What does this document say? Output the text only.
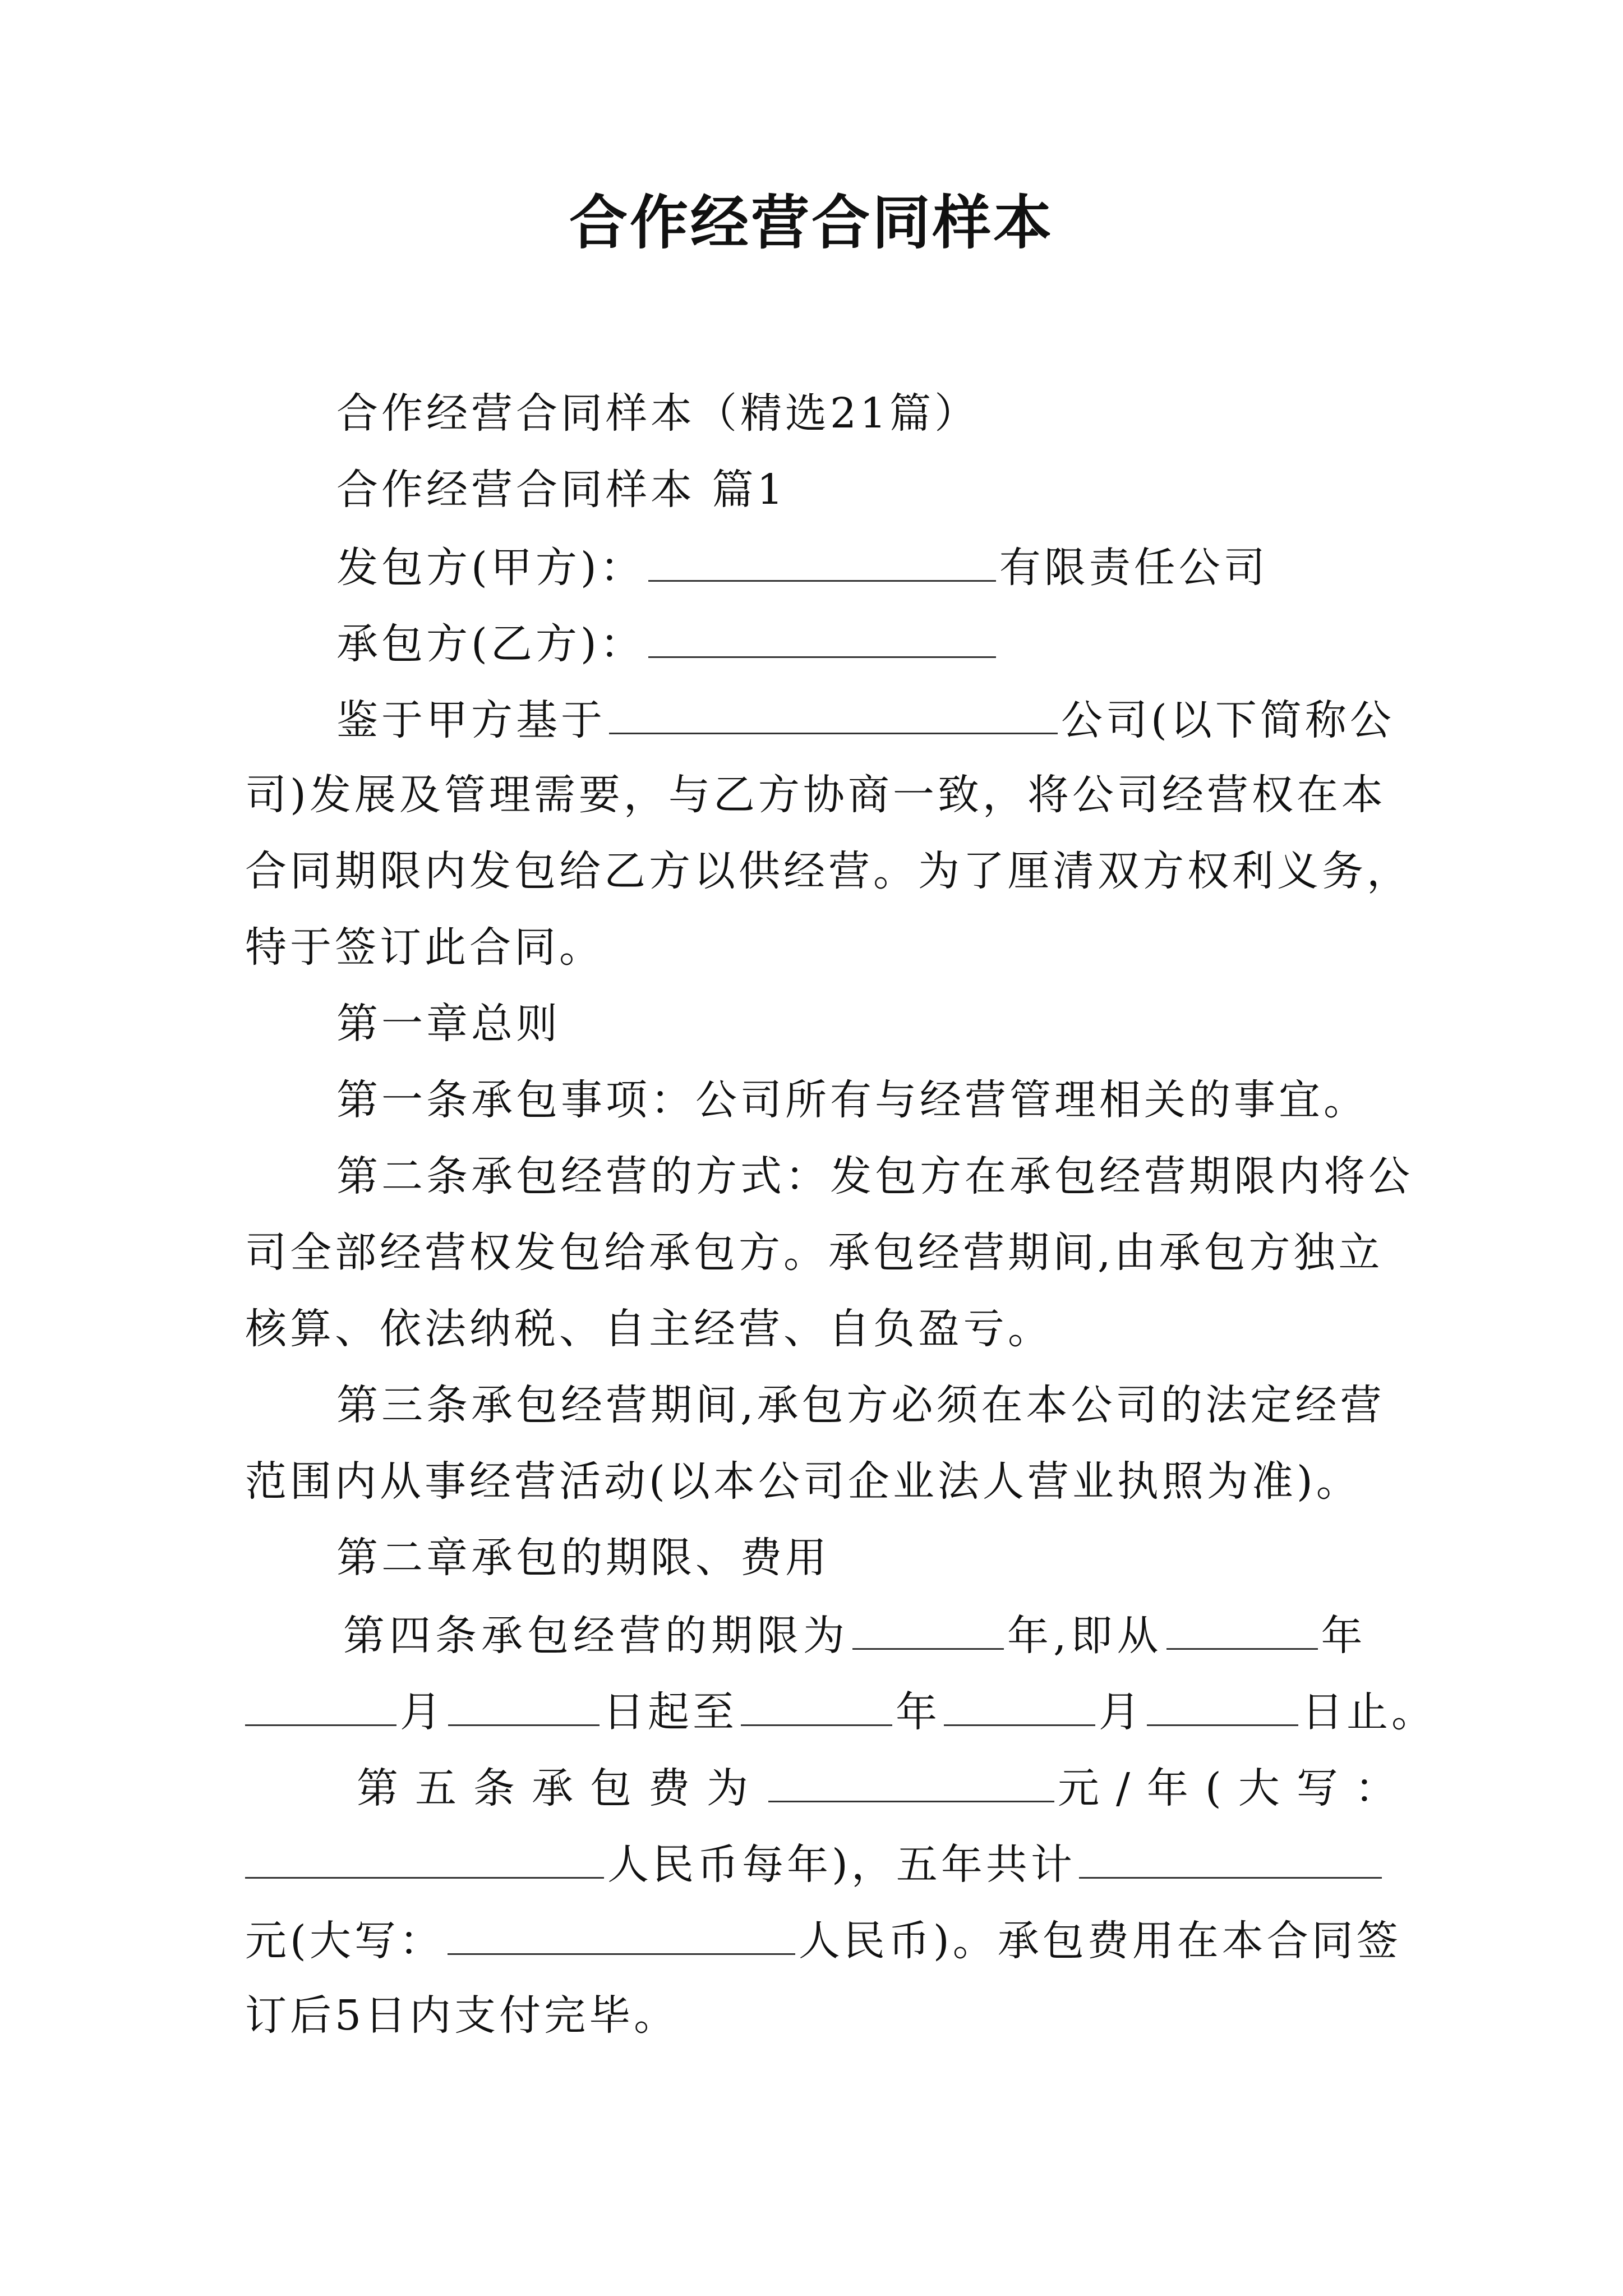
合作经营合同样本
合作经营合同样本（精选21篇）
合作经营合同样本 篇1
发包方(甲方)：	有限责任公司
承包方(乙方)：
鉴于甲方基于	公司(以下简称公
司)发展及管理需要，与乙方协商一致，将公司经营权在本
合同期限内发包给乙方以供经营。为了厘清双方权利义务，
特于签订此合同。
第一章总则
第一条承包事项：公司所有与经营管理相关的事宜。
第二条承包经营的方式：发包方在承包经营期限内将公
司全部经营权发包给承包方。承包经营期间,由承包方独立
核算、依法纳税、自主经营、自负盈亏。
第三条承包经营期间,承包方必须在本公司的法定经营
范围内从事经营活动(以本公司企业法人营业执照为准)。
第二章承包的期限、费用
第四条承包经营的期限为	年,即从	年
月	日起至	年	月	日止。
第五条承包费为	元/年(大写：
人民币每年)，五年共计
元(大写：	人民币)。承包费用在本合同签
订后5日内支付完毕。
